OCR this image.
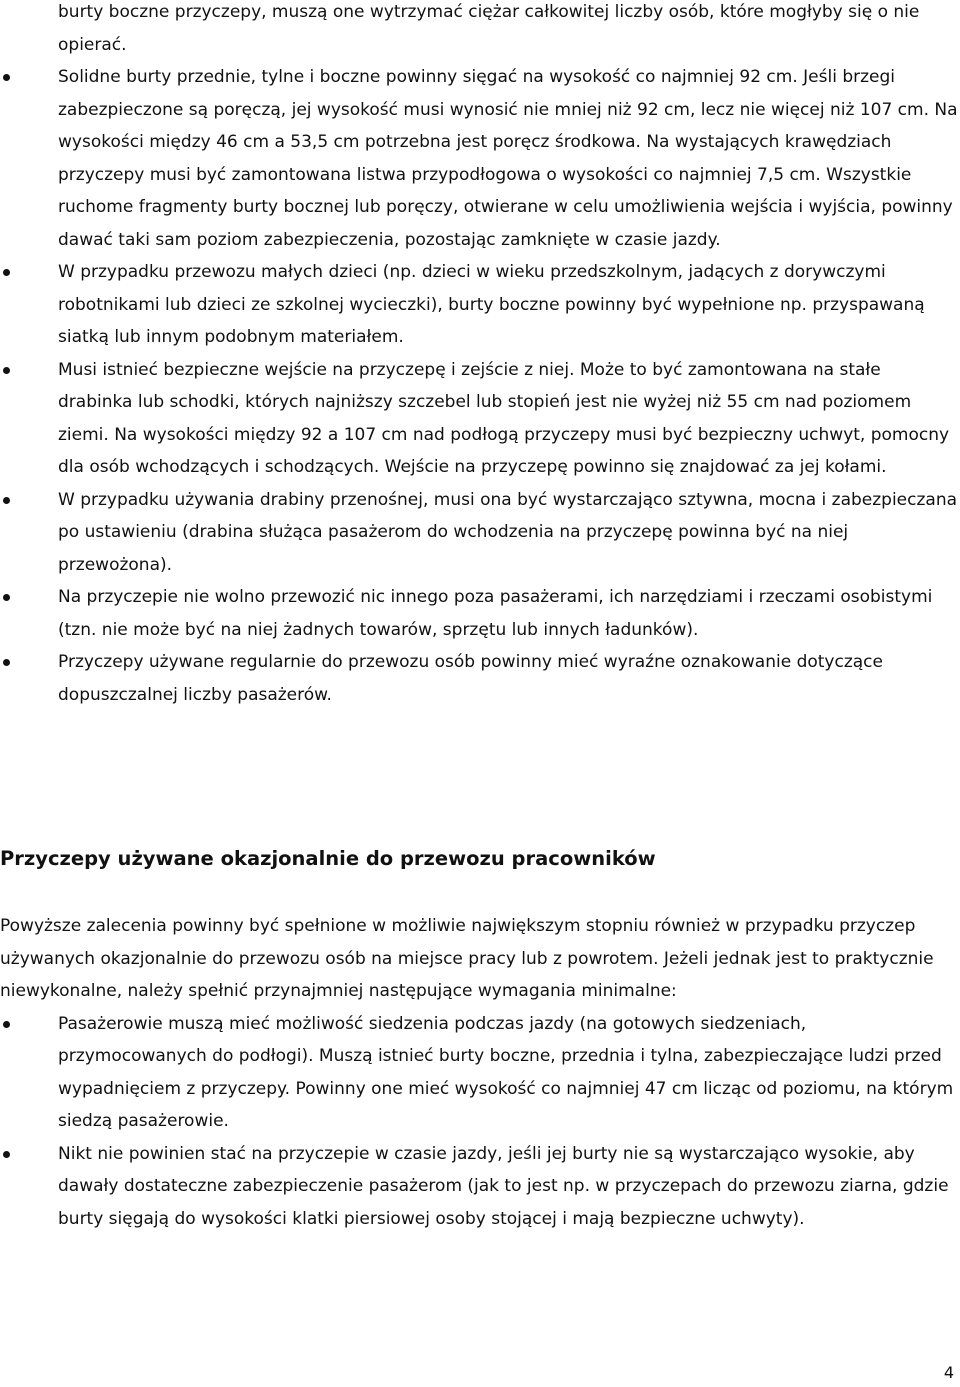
burty boczne przyczepy, muszą one wytrzymać ciężar całkowitej liczby osób, które mogłyby się o nie opierać.

Solidne burty przednie, tylne i boczne powinny sięgać na wysokość co najmniej 92 cm. Jeśli brzegi zabezpieczone są poręczą, jej wysokość musi wynosić nie mniej niż 92 cm, lecz nie więcej niż 107 cm. Na wysokości między 46 cm a 53,5 cm potrzebna jest poręcz środkowa. Na wystających krawędziach przyczepy musi być zamontowana listwa przypodłogowa o wysokości co najmniej 7,5 cm. Wszystkie ruchome fragmenty burty bocznej lub poręczy, otwierane w celu umożliwienia wejścia i wyjścia, powinny dawać taki sam poziom zabezpieczenia, pozostając zamknięte w czasie jazdy.
W przypadku przewozu małych dzieci (np. dzieci w wieku przedszkolnym, jadących z dorywczymi robotnikami lub dzieci ze szkolnej wycieczki), burty boczne powinny być wypełnione np. przyspawaną siatką lub innym podobnym materiałem.
Musi istnieć bezpieczne wejście na przyczepę i zejście z niej. Może to być zamontowana na stałe drabinka lub schodki, których najniższy szczebel lub stopień jest nie wyżej niż 55 cm nad poziomem ziemi. Na wysokości między 92 a 107 cm nad podłogą przyczepy musi być bezpieczny uchwyt, pomocny dla osób wchodzących i schodzących. Wejście na przyczepę powinno się znajdować za jej kołami.
W przypadku używania drabiny przenośnej, musi ona być wystarczająco sztywna, mocna i zabezpieczana po ustawieniu (drabina służąca pasażerom do wchodzenia na przyczepę powinna być na niej przewożona).
Na przyczepie nie wolno przewozić nic innego poza pasażerami, ich narzędziami i rzeczami osobistymi (tzn. nie może być na niej żadnych towarów, sprzętu lub innych ładunków).
Przyczepy używane regularnie do przewozu osób powinny mieć wyraźne oznakowanie dotyczące dopuszczalnej liczby pasażerów.
Przyczepy używane okazjonalnie do przewozu pracowników

Powyższe zalecenia powinny być spełnione w możliwie największym stopniu również w przypadku przyczep używanych okazjonalnie do przewozu osób na miejsce pracy lub z powrotem. Jeżeli jednak jest to praktycznie niewykonalne, należy spełnić przynajmniej następujące wymagania minimalne:

Pasażerowie muszą mieć możliwość siedzenia podczas jazdy (na gotowych siedzeniach, przymocowanych do podłogi). Muszą istnieć burty boczne, przednia i tylna, zabezpieczające ludzi przed wypadnięciem z przyczepy. Powinny one mieć wysokość co najmniej 47 cm licząc od poziomu, na którym siedzą pasażerowie.
Nikt nie powinien stać na przyczepie w czasie jazdy, jeśli jej burty nie są wystarczająco wysokie, aby dawały dostateczne zabezpieczenie pasażerom (jak to jest np. w przyczepach do przewozu ziarna, gdzie burty sięgają do wysokości klatki piersiowej osoby stojącej i mają bezpieczne uchwyty).
4
